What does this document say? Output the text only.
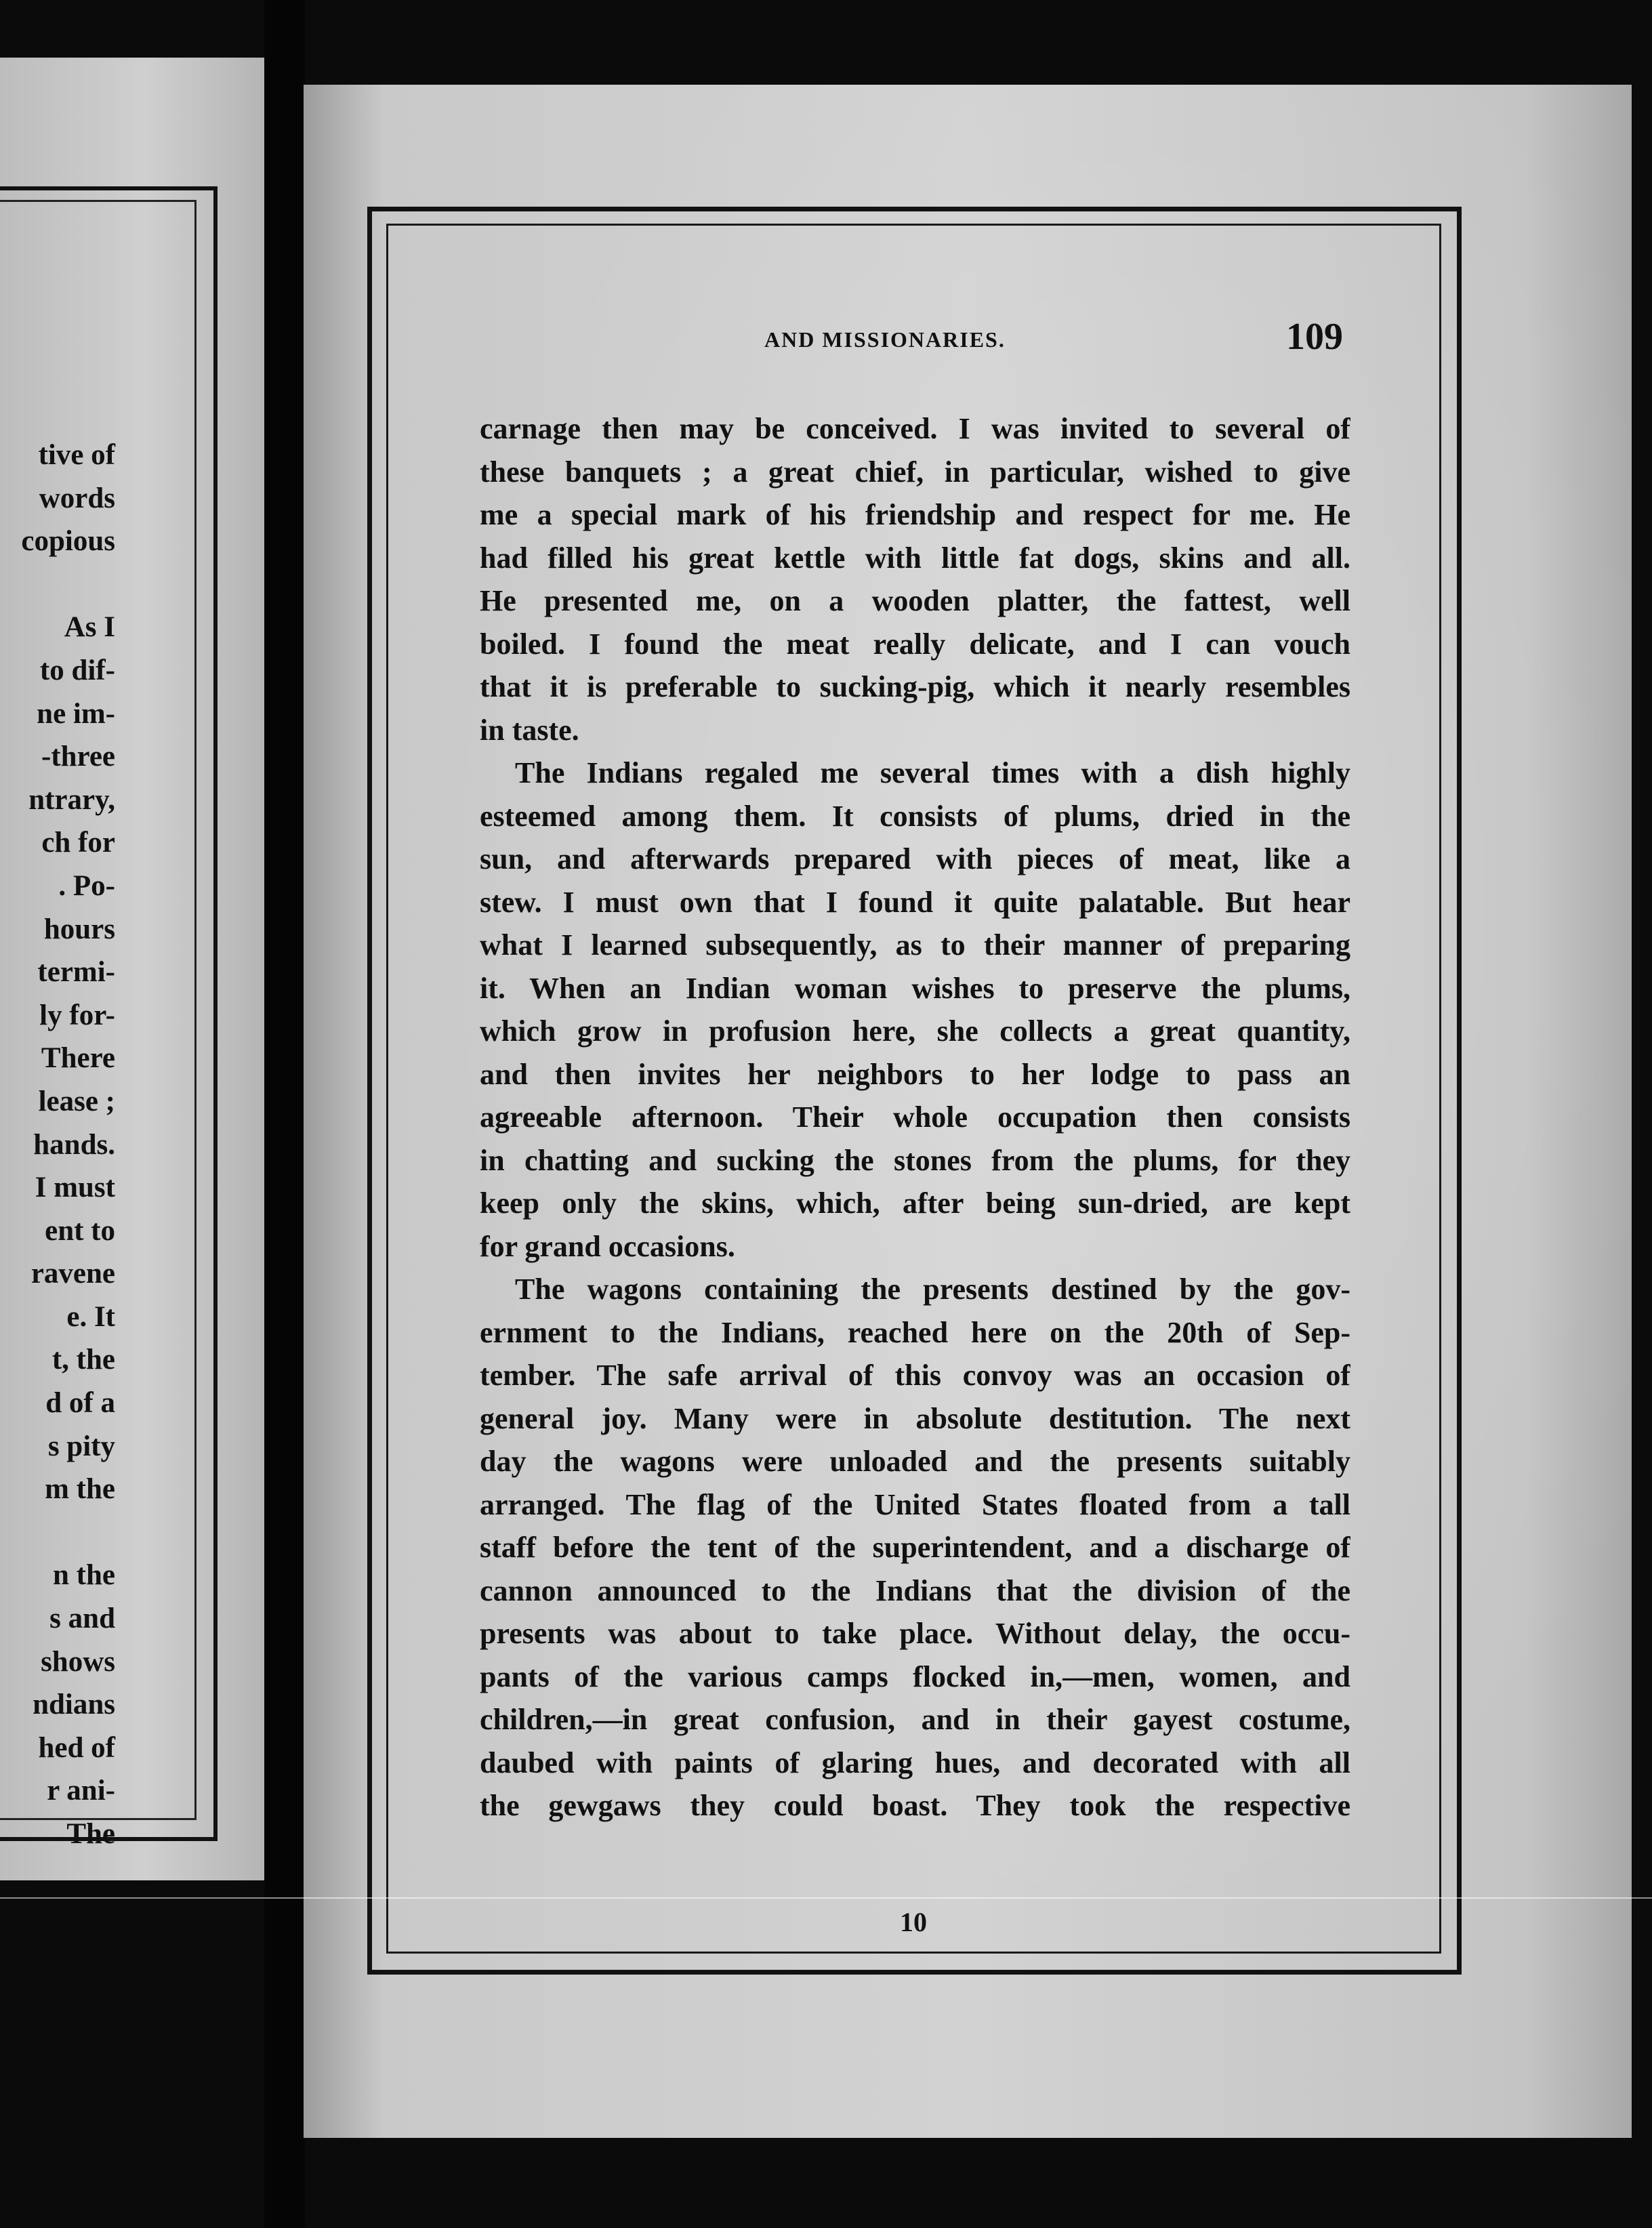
tive of
words
copious
As I
to dif-
ne im-
-three
ntrary,
ch for
. Po-
hours
termi-
ly for-
There
lease ;
hands.
I must
ent to
ravene
e. It
t, the
d of a
s pity
m the
n the
s and
shows
ndians
hed of
r ani-
The
AND MISSIONARIES.	109
carnage then may be conceived. I was invited to several of
these banquets ; a great chief, in particular, wished to give
me a special mark of his friendship and respect for me. He
had filled his great kettle with little fat dogs, skins and all.
He presented me, on a wooden platter, the fattest, well
boiled. I found the meat really delicate, and I can vouch
that it is preferable to sucking-pig, which it nearly resembles
in taste.
The Indians regaled me several times with a dish highly
esteemed among them. It consists of plums, dried in the
sun, and afterwards prepared with pieces of meat, like a
stew. I must own that I found it quite palatable. But hear
what I learned subsequently, as to their manner of preparing
it. When an Indian woman wishes to preserve the plums,
which grow in profusion here, she collects a great quantity,
and then invites her neighbors to her lodge to pass an
agreeable afternoon. Their whole occupation then consists
in chatting and sucking the stones from the plums, for they
keep only the skins, which, after being sun-dried, are kept
for grand occasions.
The wagons containing the presents destined by the gov-
ernment to the Indians, reached here on the 20th of Sep-
tember. The safe arrival of this convoy was an occasion of
general joy. Many were in absolute destitution. The next
day the wagons were unloaded and the presents suitably
arranged. The flag of the United States floated from a tall
staff before the tent of the superintendent, and a discharge of
cannon announced to the Indians that the division of the
presents was about to take place. Without delay, the occu-
pants of the various camps flocked in,—men, women, and
children,—in great confusion, and in their gayest costume,
daubed with paints of glaring hues, and decorated with all
the gewgaws they could boast. They took the respective
10
